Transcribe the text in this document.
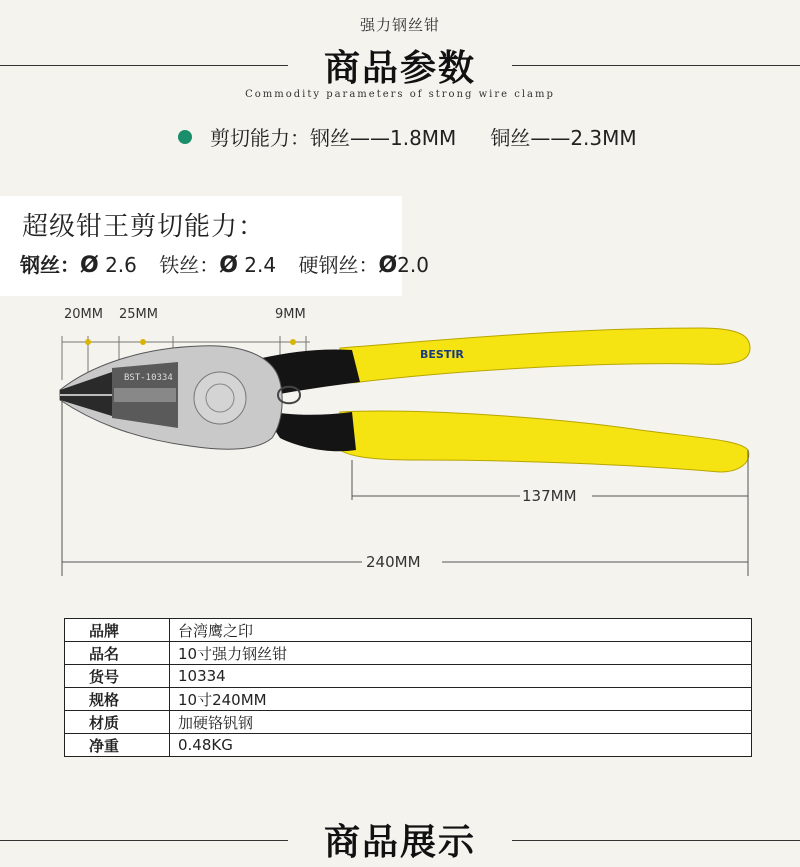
强力钢丝钳
商品参数
Commodity parameters of strong wire clamp
剪切能力： 钢丝——1.8MM 铜丝——2.3MM
超级钳王剪切能力：
钢丝：Ø 2.6 铁丝：Ø 2.4 硬钢丝：Ø2.0
20MM 25MM	9MM
BST-10334
BESTIR
137MM
240MM
品牌	台湾鹰之印
品名	10寸强力钢丝钳
货号	10334
规格	10寸240MM
材质	加硬铬钒钢
净重	0.48KG
商品展示
